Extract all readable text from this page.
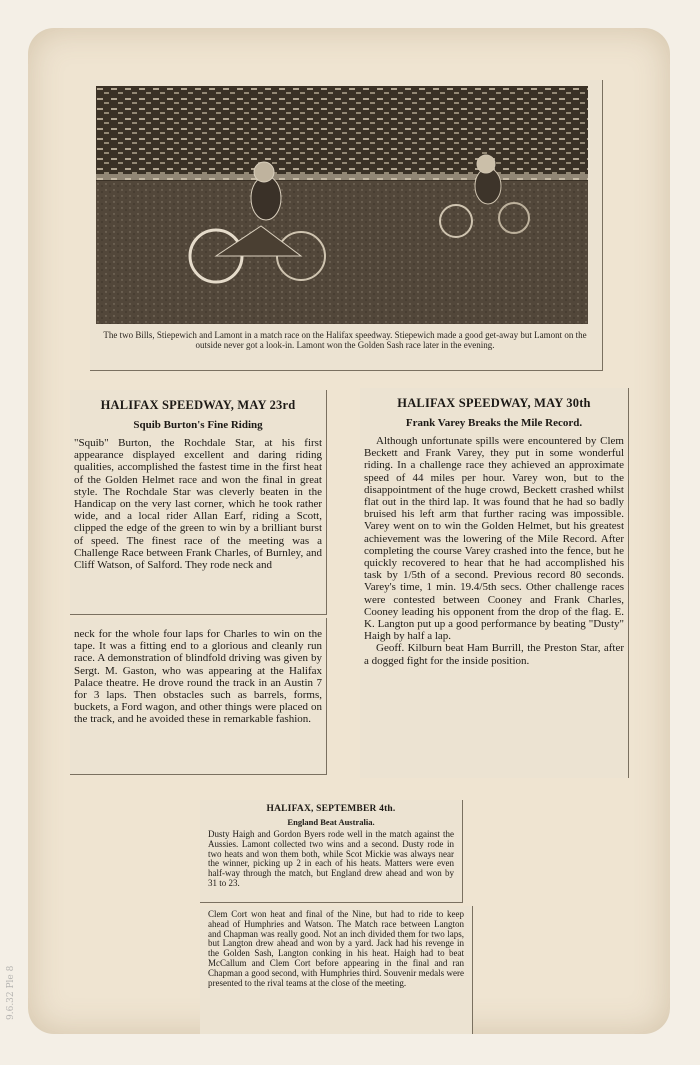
9.6.32 Ple 8
The two Bills, Stiepewich and Lamont in a match race on the Halifax speedway. Stiepewich made a good get-away but Lamont on the outside never got a look-in. Lamont won the Golden Sash race later in the evening.
HALIFAX SPEEDWAY, MAY 23rd
Squib Burton's Fine Riding
"Squib" Burton, the Rochdale Star, at his first appearance displayed excellent and daring riding qualities, accomplished the fastest time in the first heat of the Golden Helmet race and won the final in great style. The Rochdale Star was cleverly beaten in the Handicap on the very last corner, which he took rather wide, and a local rider Allan Earf, riding a Scott, clipped the edge of the green to win by a brilliant burst of speed. The finest race of the meeting was a Challenge Race between Frank Charles, of Burnley, and Cliff Watson, of Salford. They rode neck and
neck for the whole four laps for Charles to win on the tape. It was a fitting end to a glorious and cleanly run race. A demonstration of blindfold driving was given by Sergt. M. Gaston, who was appearing at the Halifax Palace theatre. He drove round the track in an Austin 7 for 3 laps. Then obstacles such as barrels, forms, buckets, a Ford wagon, and other things were placed on the track, and he avoided these in remarkable fashion.
HALIFAX SPEEDWAY, MAY 30th
Frank Varey Breaks the Mile Record.

Although unfortunate spills were encountered by Clem Beckett and Frank Varey, they put in some wonderful riding. In a challenge race they achieved an approximate speed of 44 miles per hour. Varey won, but to the disappointment of the huge crowd, Beckett crashed whilst flat out in the third lap. It was found that he had so badly bruised his left arm that further racing was impossible. Varey went on to win the Golden Helmet, but his greatest achievement was the lowering of the Mile Record. After completing the course Varey crashed into the fence, but he quickly recovered to hear that he had accomplished his task by 1/5th of a second. Previous record 80 seconds. Varey's time, 1 min. 19.4/5th secs. Other challenge races were contested between Cooney and Frank Charles, Cooney leading his opponent from the drop of the flag. E. K. Langton put up a good performance by beating "Dusty" Haigh by half a lap.

Geoff. Kilburn beat Ham Burrill, the Preston Star, after a dogged fight for the inside position.

HALIFAX, SEPTEMBER 4th.
England Beat Australia.
Dusty Haigh and Gordon Byers rode well in the match against the Aussies. Lamont collected two wins and a second. Dusty rode in two heats and won them both, while Scot Mickie was always near the winner, picking up 2 in each of his heats. Matters were even half-way through the match, but England drew ahead and won by 31 to 23.
Clem Cort won heat and final of the Nine, but had to ride to keep ahead of Humphries and Watson. The Match race between Langton and Chapman was really good. Not an inch divided them for two laps, but Langton drew ahead and won by a yard. Jack had his revenge in the Golden Sash, Langton conking in his heat. Haigh had to beat McCallum and Clem Cort before appearing in the final and ran Chapman a good second, with Humphries third. Souvenir medals were presented to the rival teams at the close of the meeting.
